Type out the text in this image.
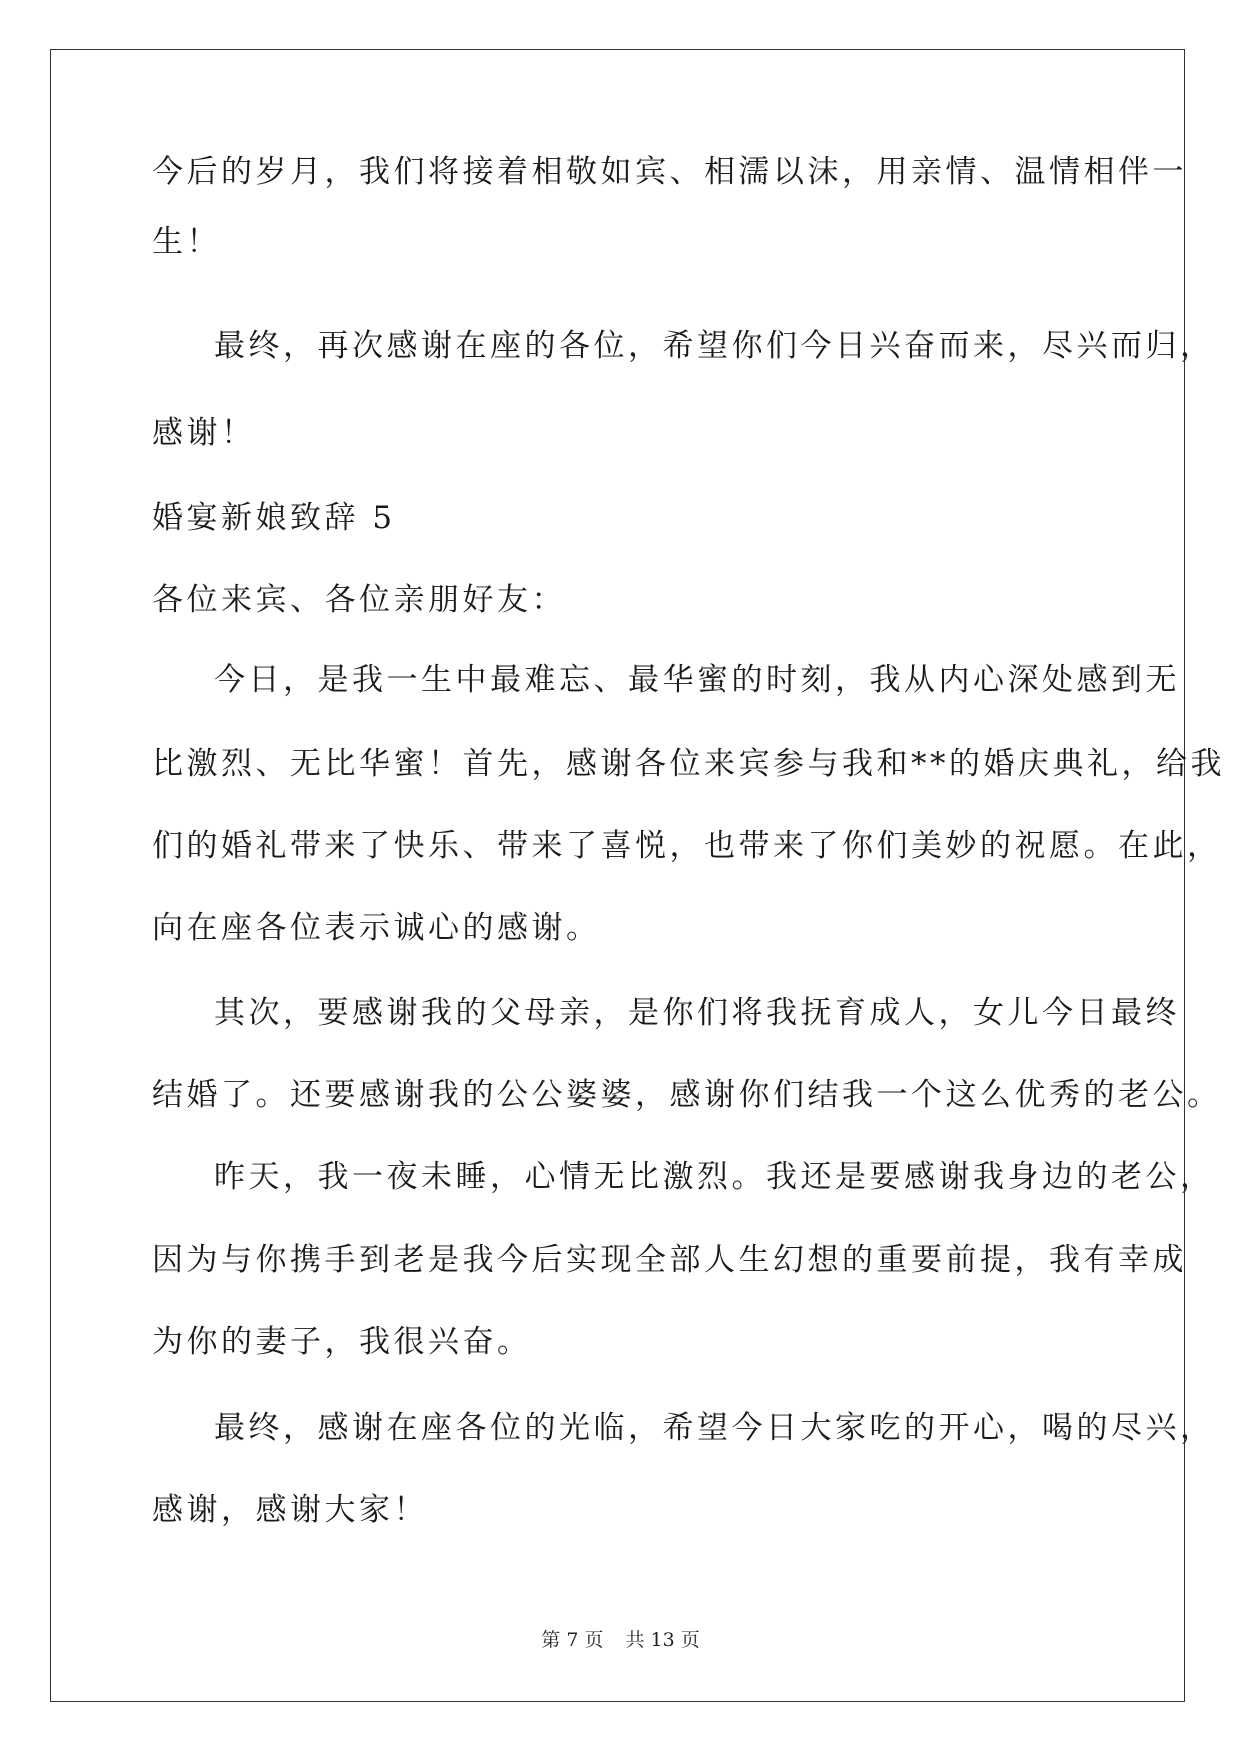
今后的岁月，我们将接着相敬如宾、相濡以沫，用亲情、温情相伴一
生！
最终，再次感谢在座的各位，希望你们今日兴奋而来，尽兴而归，
感谢！
婚宴新娘致辞 5
各位来宾、各位亲朋好友：
今日，是我一生中最难忘、最华蜜的时刻，我从内心深处感到无
比激烈、无比华蜜！首先，感谢各位来宾参与我和**的婚庆典礼，给我
们的婚礼带来了快乐、带来了喜悦，也带来了你们美妙的祝愿。在此，
向在座各位表示诚心的感谢。
其次，要感谢我的父母亲，是你们将我抚育成人，女儿今日最终
结婚了。还要感谢我的公公婆婆，感谢你们结我一个这么优秀的老公。
昨天，我一夜未睡，心情无比激烈。我还是要感谢我身边的老公，
因为与你携手到老是我今后实现全部人生幻想的重要前提，我有幸成
为你的妻子，我很兴奋。
最终，感谢在座各位的光临，希望今日大家吃的开心，喝的尽兴，
感谢，感谢大家！
第 7 页 共 13 页
